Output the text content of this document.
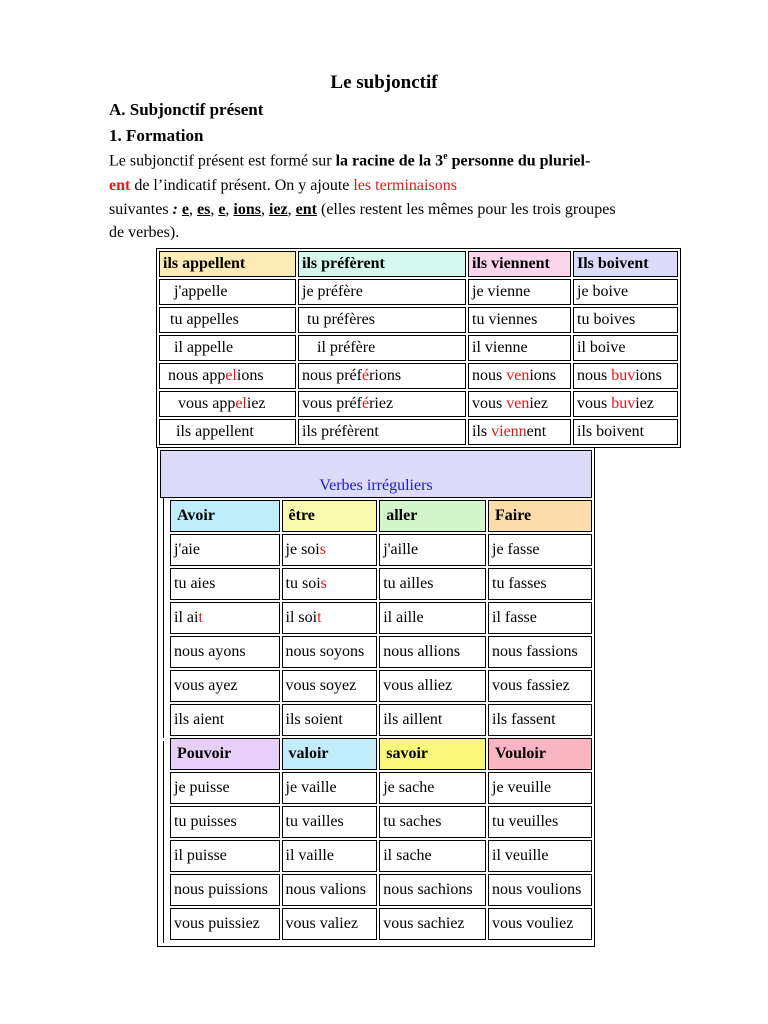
Le subjonctif
A. Subjonctif présent
1. Formation
Le subjonctif présent est formé sur la racine de la 3e personne du pluriel-
ent de l’indicatif présent. On y ajoute les terminaisons
suivantes : e, es, e, ions, iez, ent (elles restent les mêmes pour les trois groupes
de verbes).
ils appellent	ils préfèrent	ils viennent	Ils boivent
j'appelle	je préfère	je vienne	je boive
tu appelles	tu préfères	tu viennes	tu boives
il appelle	il préfère	il vienne	il boive
nous appelions	nous préférions	nous venions	nous buvions
vous appeliez	vous préfériez	vous veniez	vous buviez
ils appellent	ils préfèrent	ils viennent	ils boivent
Verbes irréguliers
Avoir	être	aller	Faire
j'aie	je sois	j'aille	je fasse
tu aies	tu sois	tu ailles	tu fasses
il ait	il soit	il aille	il fasse
nous ayons	nous soyons	nous allions	nous fassions
vous ayez	vous soyez	vous alliez	vous fassiez
ils aient	ils soient	ils aillent	ils fassent
Pouvoir	valoir	savoir	Vouloir
je puisse	je vaille	je sache	je veuille
tu puisses	tu vailles	tu saches	tu veuilles
il puisse	il vaille	il sache	il veuille
nous puissions	nous valions	nous sachions	nous voulions
vous puissiez	vous valiez	vous sachiez	vous vouliez
